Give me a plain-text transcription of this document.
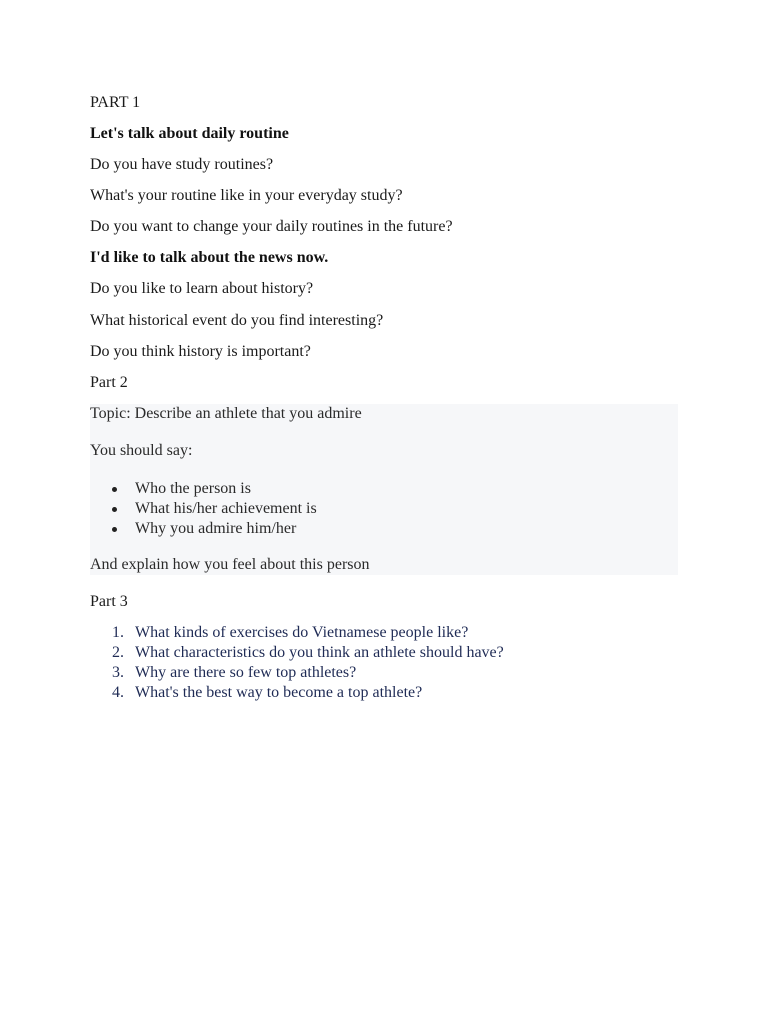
PART 1
Let's talk about daily routine
Do you have study routines?
What's your routine like in your everyday study?
Do you want to change your daily routines in the future?
I'd like to talk about the news now.
Do you like to learn about history?
What historical event do you find interesting?
Do you think history is important?
Part 2
Topic: Describe an athlete that you admire
You should say:
Who the person is
What his/her achievement is
Why you admire him/her
And explain how you feel about this person
Part 3
1. What kinds of exercises do Vietnamese people like?
2. What characteristics do you think an athlete should have?
3. Why are there so few top athletes?
4. What's the best way to become a top athlete?
